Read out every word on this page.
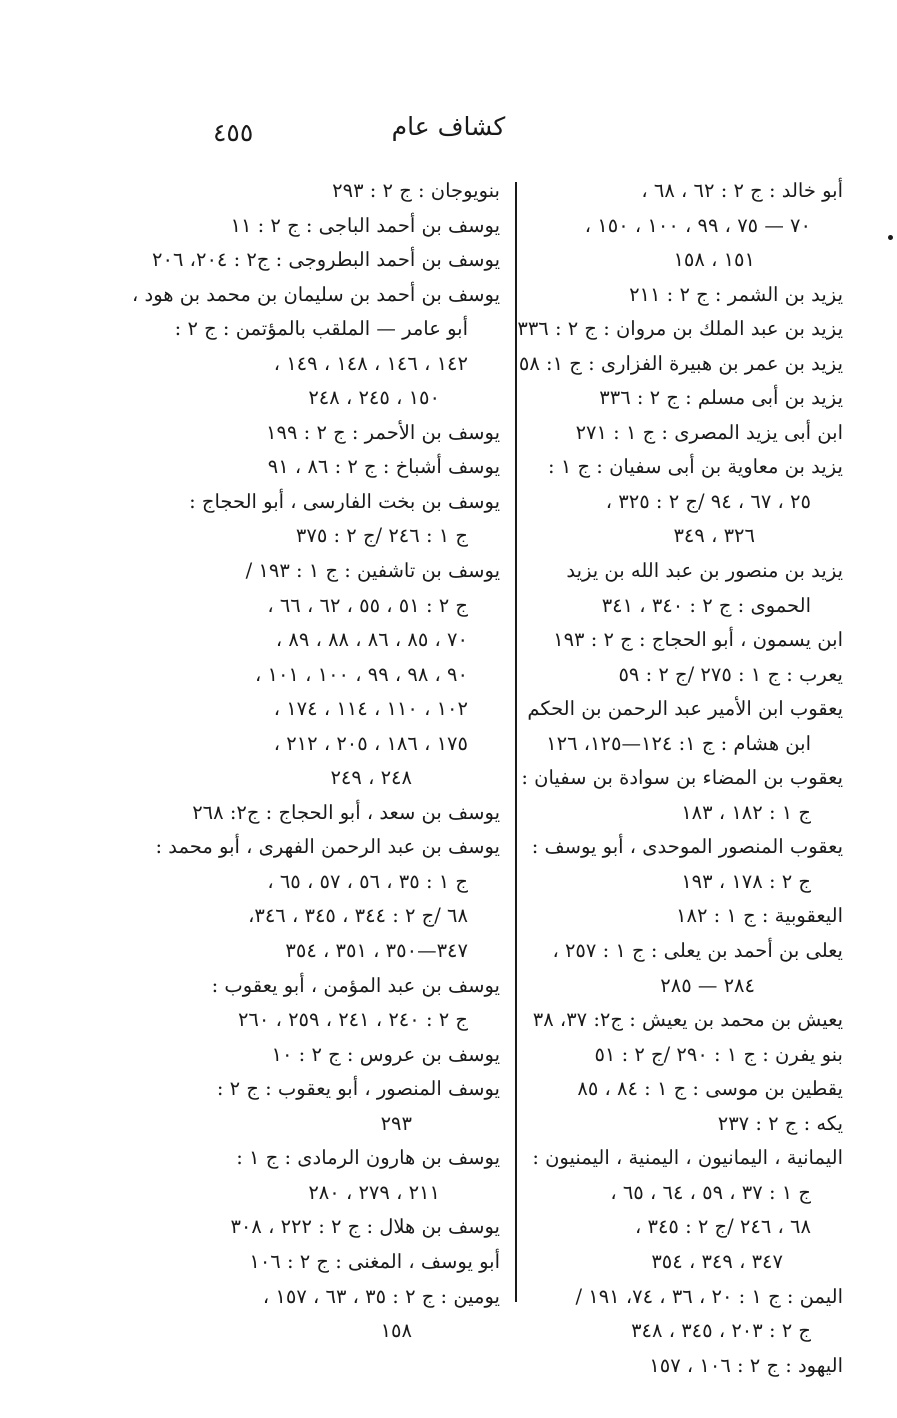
كشاف عام
٤٥٥
أبو خالد : ج ٢ : ٦٢ ، ٦٨ ،
٧٠ — ٧٥ ، ٩٩ ، ١٠٠ ، ١٥٠ ،
١٥١ ، ١٥٨
يزيد بن الشمر : ج ٢ : ٢١١
يزيد بن عبد الملك بن مروان : ج ٢ : ٣٣٦
يزيد بن عمر بن هبيرة الفزارى : ج ١: ٥٨
يزيد بن أبى مسلم : ج ٢ : ٣٣٦
ابن أبى يزيد المصرى : ج ١ : ٢٧١
يزيد بن معاوية بن أبى سفيان : ج ١ :
٢٥ ، ٦٧ ، ٩٤ /ج ٢ : ٣٢٥ ،
٣٢٦ ، ٣٤٩
يزيد بن منصور بن عبد الله بن يزيد
الحموى : ج ٢ : ٣٤٠ ، ٣٤١
ابن يسمون ، أبو الحجاج : ج ٢ : ١٩٣
يعرب : ج ١ : ٢٧٥ /ج ٢ : ٥٩
يعقوب ابن الأمير عبد الرحمن بن الحكم
ابن هشام : ج ١: ١٢٤—١٢٥، ١٢٦
يعقوب بن المضاء بن سوادة بن سفيان :
ج ١ : ١٨٢ ، ١٨٣
يعقوب المنصور الموحدى ، أبو يوسف :
ج ٢ : ١٧٨ ، ١٩٣
اليعقوبية : ج ١ : ١٨٢
يعلى بن أحمد بن يعلى : ج ١ : ٢٥٧ ،
٢٨٤ — ٢٨٥
يعيش بن محمد بن يعيش : ج٢: ٣٧، ٣٨
بنو يفرن : ج ١ : ٢٩٠ /ج ٢ : ٥١
يقطين بن موسى : ج ١ : ٨٤ ، ٨٥
يكه : ج ٢ : ٢٣٧
اليمانية ، اليمانيون ، اليمنية ، اليمنيون :
ج ١ : ٣٧ ، ٥٩ ، ٦٤ ، ٦٥ ،
٦٨ ، ٢٤٦ /ج ٢ : ٣٤٥ ،
٣٤٧ ، ٣٤٩ ، ٣٥٤
اليمن : ج ١ : ٢٠ ، ٣٦ ، ٧٤، ١٩١ /
ج ٢ : ٢٠٣ ، ٣٤٥ ، ٣٤٨
اليهود : ج ٢ : ١٠٦ ، ١٥٧
بنويوجان : ج ٢ : ٢٩٣
يوسف بن أحمد الباجى : ج ٢ : ١١
يوسف بن أحمد البطروجى : ج٢ : ٢٠٤، ٢٠٦
يوسف بن أحمد بن سليمان بن محمد بن هود ،
أبو عامر — الملقب بالمؤتمن : ج ٢ :
١٤٢ ، ١٤٦ ، ١٤٨ ، ١٤٩ ،
١٥٠ ، ٢٤٥ ، ٢٤٨
يوسف بن الأحمر : ج ٢ : ١٩٩
يوسف أشباخ : ج ٢ : ٨٦ ، ٩١
يوسف بن بخت الفارسى ، أبو الحجاج :
ج ١ : ٢٤٦ /ج ٢ : ٣٧٥
يوسف بن تاشفين : ج ١ : ١٩٣ /
ج ٢ : ٥١ ، ٥٥ ، ٦٢ ، ٦٦ ،
٧٠ ، ٨٥ ، ٨٦ ، ٨٨ ، ٨٩ ،
٩٠ ، ٩٨ ، ٩٩ ، ١٠٠ ، ١٠١ ،
١٠٢ ، ١١٠ ، ١١٤ ، ١٧٤ ،
١٧٥ ، ١٨٦ ، ٢٠٥ ، ٢١٢ ،
٢٤٨ ، ٢٤٩
يوسف بن سعد ، أبو الحجاج : ج٢: ٢٦٨
يوسف بن عبد الرحمن الفهرى ، أبو محمد :
ج ١ : ٣٥ ، ٥٦ ، ٥٧ ، ٦٥ ،
٦٨ /ج ٢ : ٣٤٤ ، ٣٤٥ ، ٣٤٦،
٣٤٧—٣٥٠ ، ٣٥١ ، ٣٥٤
يوسف بن عبد المؤمن ، أبو يعقوب :
ج ٢ : ٢٤٠ ، ٢٤١ ، ٢٥٩ ، ٢٦٠
يوسف بن عروس : ج ٢ : ١٠
يوسف المنصور ، أبو يعقوب : ج ٢ :
٢٩٣
يوسف بن هارون الرمادى : ج ١ :
٢١١ ، ٢٧٩ ، ٢٨٠
يوسف بن هلال : ج ٢ : ٢٢٢ ، ٣٠٨
أبو يوسف ، المغنى : ج ٢ : ١٠٦
يومين : ج ٢ : ٣٥ ، ٦٣ ، ١٥٧ ،
١٥٨
